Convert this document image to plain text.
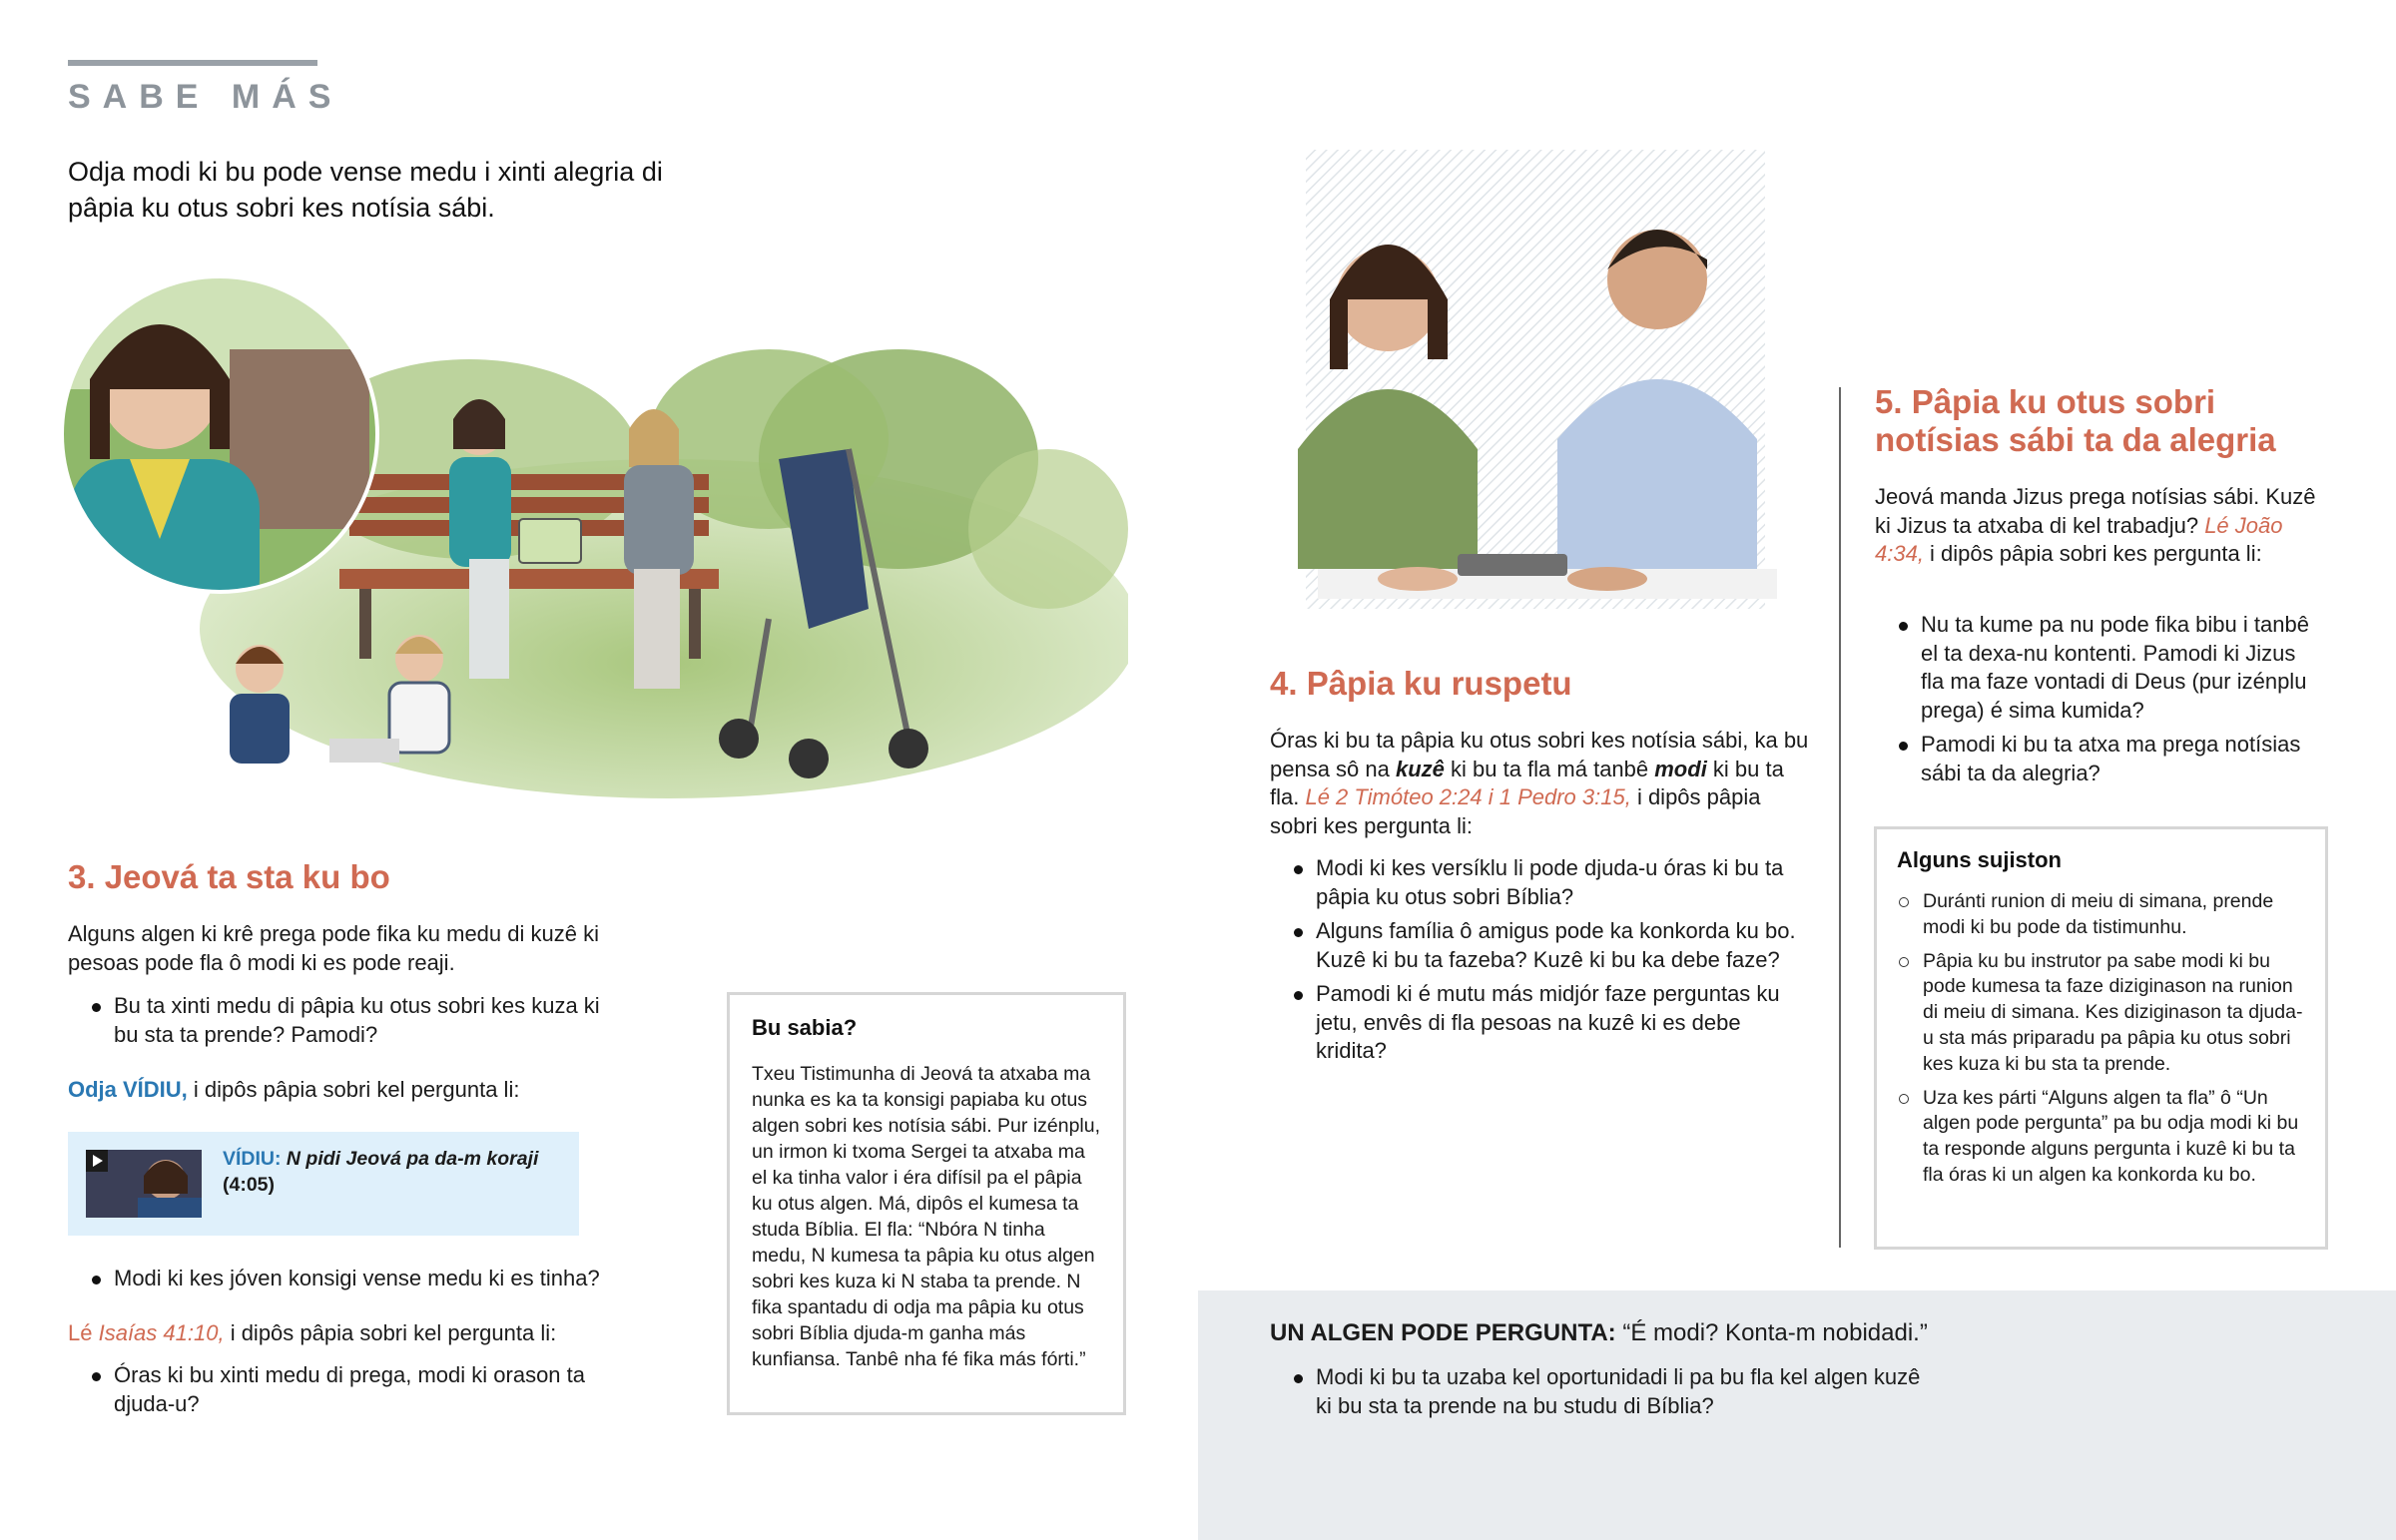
SABE MÁS

Odja modi ki bu pode vense medu i xinti alegria di pâpia ku otus sobri kes notísia sábi.

3. Jeová ta sta ku bo

Alguns algen ki krê prega pode fika ku medu di kuzê ki pesoas pode fla ô modi ki es pode reaji.

Bu ta xinti medu di pâpia ku otus sobri kes kuza ki bu sta ta prende? Pamodi?

Odja VÍDIU, i dipôs pâpia sobri kel pergunta li:

VÍDIU: N pidi Jeová pa da-m koraji
(4:05)
Modi ki kes jóven konsigi vense medu ki es tinha?

Lé Isaías 41:10, i dipôs pâpia sobri kel pergunta li:

Óras ki bu xinti medu di prega, modi ki orason ta djuda-u?
Bu sabia?

Txeu Tistimunha di Jeová ta atxaba ma nunka es ka ta konsigi papiaba ku otus algen sobri kes notísia sábi. Pur izénplu, un irmon ki txoma Sergei ta atxaba ma el ka tinha valor i éra difísil pa el pâpia ku otus algen. Má, dipôs el kumesa ta studa Bíblia. El fla: “Nbóra N tinha medu, N kumesa ta pâpia ku otus algen sobri kes kuza ki N staba ta prende. N fika spantadu di odja ma pâpia ku otus sobri Bíblia djuda-m ganha más kunfiansa. Tanbê nha fé fika más fórti.”

4. Pâpia ku ruspetu

Óras ki bu ta pâpia ku otus sobri kes notísia sábi, ka bu pensa sô na kuzê ki bu ta fla má tanbê modi ki bu ta fla. Lé 2 Timóteo 2:24 i 1 Pedro 3:15, i dipôs pâpia sobri kes pergunta li:

Modi ki kes versíklu li pode djuda-u óras ki bu ta pâpia ku otus sobri Bíblia?
Alguns família ô amigus pode ka konkorda ku bo. Kuzê ki bu ta fazeba? Kuzê ki bu ka debe faze?
Pamodi ki é mutu más midjór faze perguntas ku jetu, envês di fla pesoas na kuzê ki es debe kridita?
5. Pâpia ku otus sobri notísias sábi ta da alegria

Jeová manda Jizus prega notísias sábi. Kuzê ki Jizus ta atxaba di kel trabadju? Lé João 4:34, i dipôs pâpia sobri kes pergunta li:

Nu ta kume pa nu pode fika bibu i tanbê el ta dexa-nu kontenti. Pamodi ki Jizus fla ma faze vontadi di Deus (pur izénplu prega) é sima kumida?
Pamodi ki bu ta atxa ma prega notísias sábi ta da alegria?
Alguns sujiston
Duránti runion di meiu di simana, prende modi ki bu pode da tistimunhu.
Pâpia ku bu instrutor pa sabe modi ki bu pode kumesa ta faze diziginason na runion di meiu di simana. Kes diziginason ta djuda-u sta más priparadu pa pâpia ku otus sobri kes kuza ki bu sta ta prende.
Uza kes párti “Alguns algen ta fla” ô “Un algen pode pergunta” pa bu odja modi ki bu ta responde alguns pergunta i kuzê ki bu ta fla óras ki un algen ka konkorda ku bo.

UN ALGEN PODE PERGUNTA: “É modi? Konta-m nobidadi.”

Modi ki bu ta uzaba kel oportunidadi li pa bu fla kel algen kuzê ki bu sta ta prende na bu studu di Bíblia?
